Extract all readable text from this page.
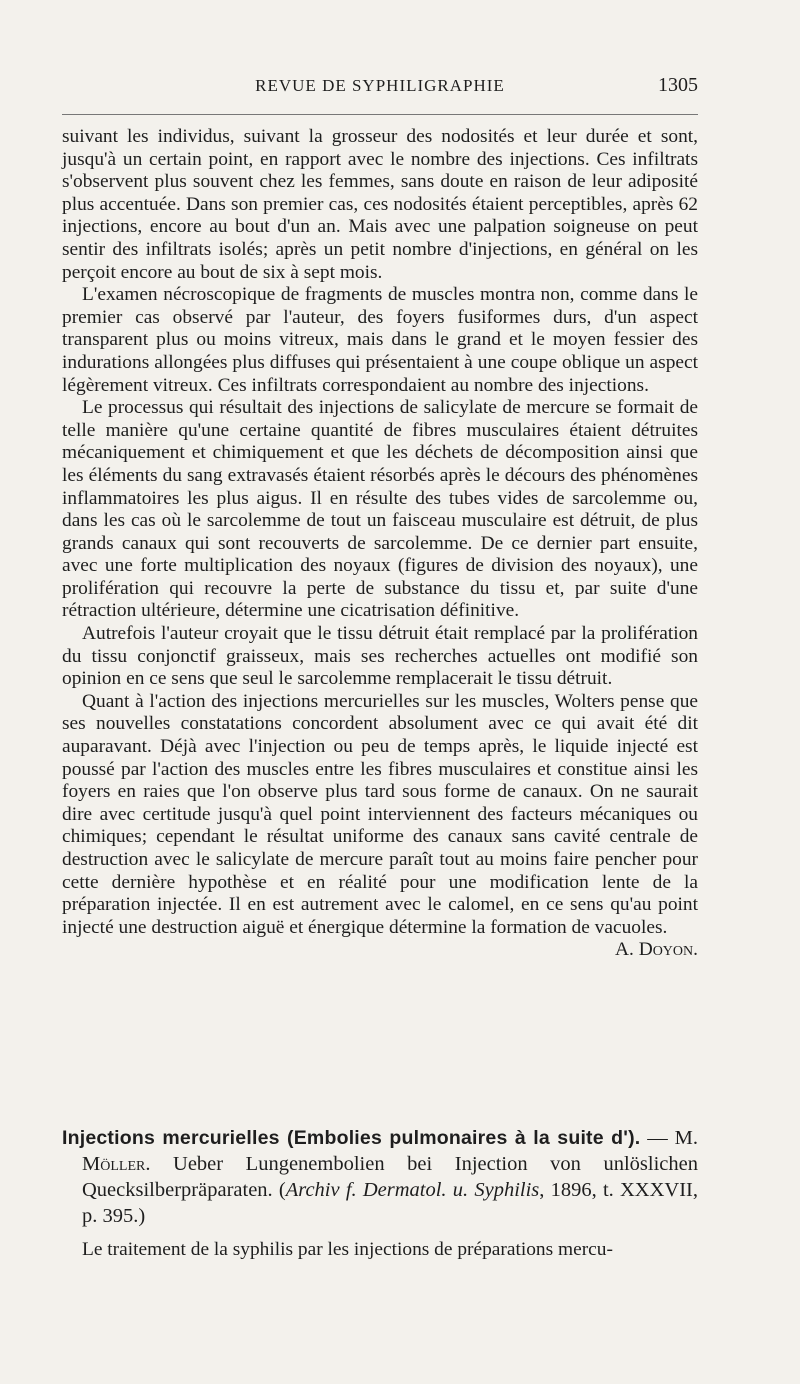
REVUE DE SYPHILIGRAPHIE	1305

suivant les individus, suivant la grosseur des nodosités et leur durée et sont, jusqu'à un certain point, en rapport avec le nombre des injections. Ces infiltrats s'observent plus souvent chez les femmes, sans doute en raison de leur adiposité plus accentuée. Dans son premier cas, ces nodosités étaient perceptibles, après 62 injections, encore au bout d'un an. Mais avec une palpation soigneuse on peut sentir des infiltrats isolés; après un petit nombre d'injections, en général on les perçoit encore au bout de six à sept mois.

L'examen nécroscopique de fragments de muscles montra non, comme dans le premier cas observé par l'auteur, des foyers fusiformes durs, d'un aspect transparent plus ou moins vitreux, mais dans le grand et le moyen fessier des indurations allongées plus diffuses qui présentaient à une coupe oblique un aspect légèrement vitreux. Ces infiltrats correspondaient au nombre des injections.

Le processus qui résultait des injections de salicylate de mercure se formait de telle manière qu'une certaine quantité de fibres musculaires étaient détruites mécaniquement et chimiquement et que les déchets de décomposition ainsi que les éléments du sang extravasés étaient résorbés après le décours des phénomènes inflammatoires les plus aigus. Il en résulte des tubes vides de sarcolemme ou, dans les cas où le sarcolemme de tout un faisceau musculaire est détruit, de plus grands canaux qui sont recouverts de sarcolemme. De ce dernier part ensuite, avec une forte multiplication des noyaux (figures de division des noyaux), une prolifération qui recouvre la perte de substance du tissu et, par suite d'une rétraction ultérieure, détermine une cicatrisation définitive.

Autrefois l'auteur croyait que le tissu détruit était remplacé par la prolifération du tissu conjonctif graisseux, mais ses recherches actuelles ont modifié son opinion en ce sens que seul le sarcolemme remplacerait le tissu détruit.

Quant à l'action des injections mercurielles sur les muscles, Wolters pense que ses nouvelles constatations concordent absolument avec ce qui avait été dit auparavant. Déjà avec l'injection ou peu de temps après, le liquide injecté est poussé par l'action des muscles entre les fibres musculaires et constitue ainsi les foyers en raies que l'on observe plus tard sous forme de canaux. On ne saurait dire avec certitude jusqu'à quel point interviennent des facteurs mécaniques ou chimiques; cependant le résultat uniforme des canaux sans cavité centrale de destruction avec le salicylate de mercure paraît tout au moins faire pencher pour cette dernière hypothèse et en réalité pour une modification lente de la préparation injectée. Il en est autrement avec le calomel, en ce sens qu'au point injecté une destruction aiguë et énergique détermine la formation de vacuoles.

A. Doyon.

Injections mercurielles (Embolies pulmonaires à la suite d'). — M. Möller. Ueber Lungenembolien bei Injection von unlöslichen Quecksilberpräparaten. (Archiv f. Dermatol. u. Syphilis, 1896, t. XXXVII, p. 395.)

Le traitement de la syphilis par les injections de préparations mercu-
